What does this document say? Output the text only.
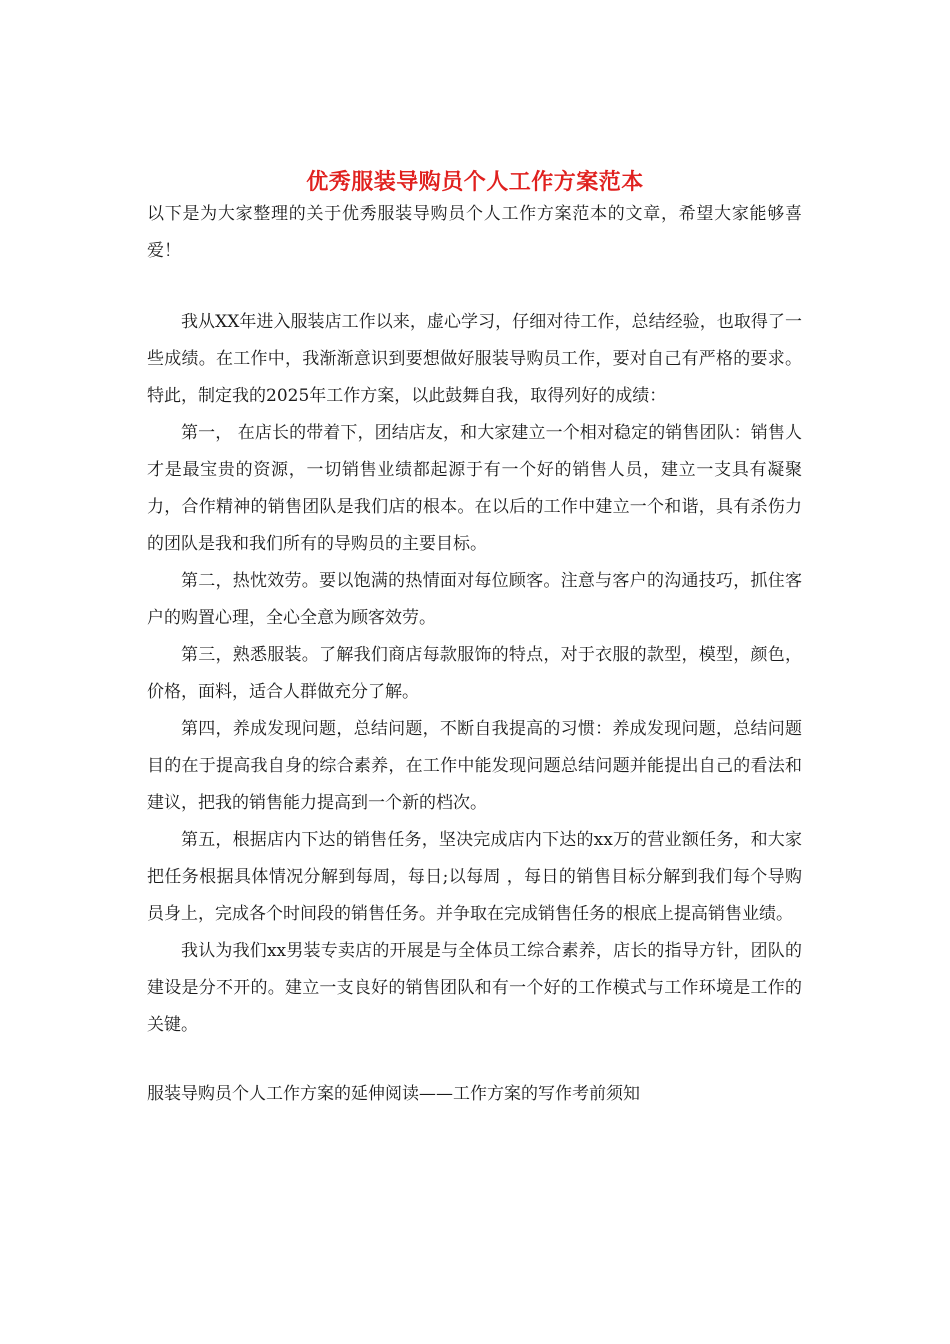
优秀服装导购员个人工作方案范本

以下是为大家整理的关于优秀服装导购员个人工作方案范本的文章，希望大家能够喜爱！

我从XX年进入服装店工作以来，虚心学习，仔细对待工作，总结经验，也取得了一些成绩。在工作中，我渐渐意识到要想做好服装导购员工作，要对自己有严格的要求。特此，制定我的2025年工作方案，以此鼓舞自我，取得列好的成绩：

第一， 在店长的带着下，团结店友，和大家建立一个相对稳定的销售团队：销售人才是最宝贵的资源，一切销售业绩都起源于有一个好的销售人员，建立一支具有凝聚力，合作精神的销售团队是我们店的根本。在以后的工作中建立一个和谐，具有杀伤力的团队是我和我们所有的导购员的主要目标。

第二，热忱效劳。要以饱满的热情面对每位顾客。注意与客户的沟通技巧，抓住客户的购置心理，全心全意为顾客效劳。

第三，熟悉服装。了解我们商店每款服饰的特点，对于衣服的款型，模型，颜色，价格，面料，适合人群做充分了解。

第四，养成发现问题，总结问题，不断自我提高的习惯：养成发现问题，总结问题目的在于提高我自身的综合素养，在工作中能发现问题总结问题并能提出自己的看法和建议，把我的销售能力提高到一个新的档次。

第五，根据店内下达的销售任务，坚决完成店内下达的xx万的营业额任务，和大家把任务根据具体情况分解到每周，每日;以每周 ，每日的销售目标分解到我们每个导购员身上，完成各个时间段的销售任务。并争取在完成销售任务的根底上提高销售业绩。

我认为我们xx男装专卖店的开展是与全体员工综合素养，店长的指导方针，团队的建设是分不开的。建立一支良好的销售团队和有一个好的工作模式与工作环境是工作的关键。

服装导购员个人工作方案的延伸阅读——工作方案的写作考前须知
